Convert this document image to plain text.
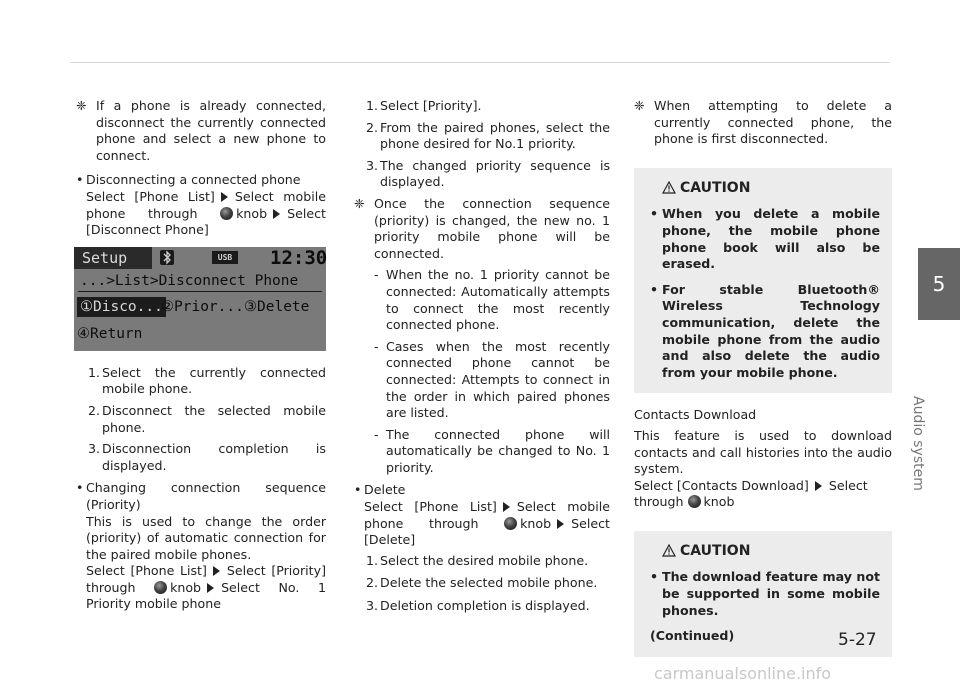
❈ If a phone is already connected, disconnect the currently connected phone and select a new phone to connect.
• Disconnecting a connected phone
Select [Phone List] Select mobile phone through	knob Select [Disconnect Phone]
Setup	USB	12:30
...>List>Disconnect Phone
①Disco...
②Prior... ③Delete
④Return
1. Select the currently connected mobile phone.
2. Disconnect the selected mobile phone.
3. Disconnection completion is displayed.
• Changing connection sequence (Priority)
This is used to change the order (priority) of automatic connection for the paired mobile phones.
Select [Phone List] Select [Priority] through	knob Select No. 1 Priority mobile phone
1. Select [Priority].
2. From the paired phones, select the phone desired for No.1 priority.
3. The changed priority sequence is displayed.
❈ Once the connection sequence (priority) is changed, the new no. 1 priority mobile phone will be connected.
- When the no. 1 priority cannot be connected: Automatically attempts to connect the most recently connected phone.
- Cases when the most recently connected phone cannot be connected: Attempts to connect in the order in which paired phones are listed.
- The connected phone will automatically be changed to No. 1 priority.
• Delete
Select [Phone List] Select mobile phone through	knob Select [Delete]
1. Select the desired mobile phone.
2. Delete the selected mobile phone.
3. Deletion completion is displayed.
❈ When attempting to delete a currently connected phone, the phone is first disconnected.
CAUTION
• When you delete a mobile phone, the mobile phone phone book will also be erased.
• For stable Bluetooth® Wireless Technology communication, delete the mobile phone from the audio and also delete the audio from your mobile phone.
Contacts Download
This feature is used to download contacts and call histories into the audio system.
Select [Contacts Download] Select through knob
CAUTION
• The download feature may not be supported in some mobile phones.
(Continued)
5
Audio system
5-27
carmanualsonline.info
